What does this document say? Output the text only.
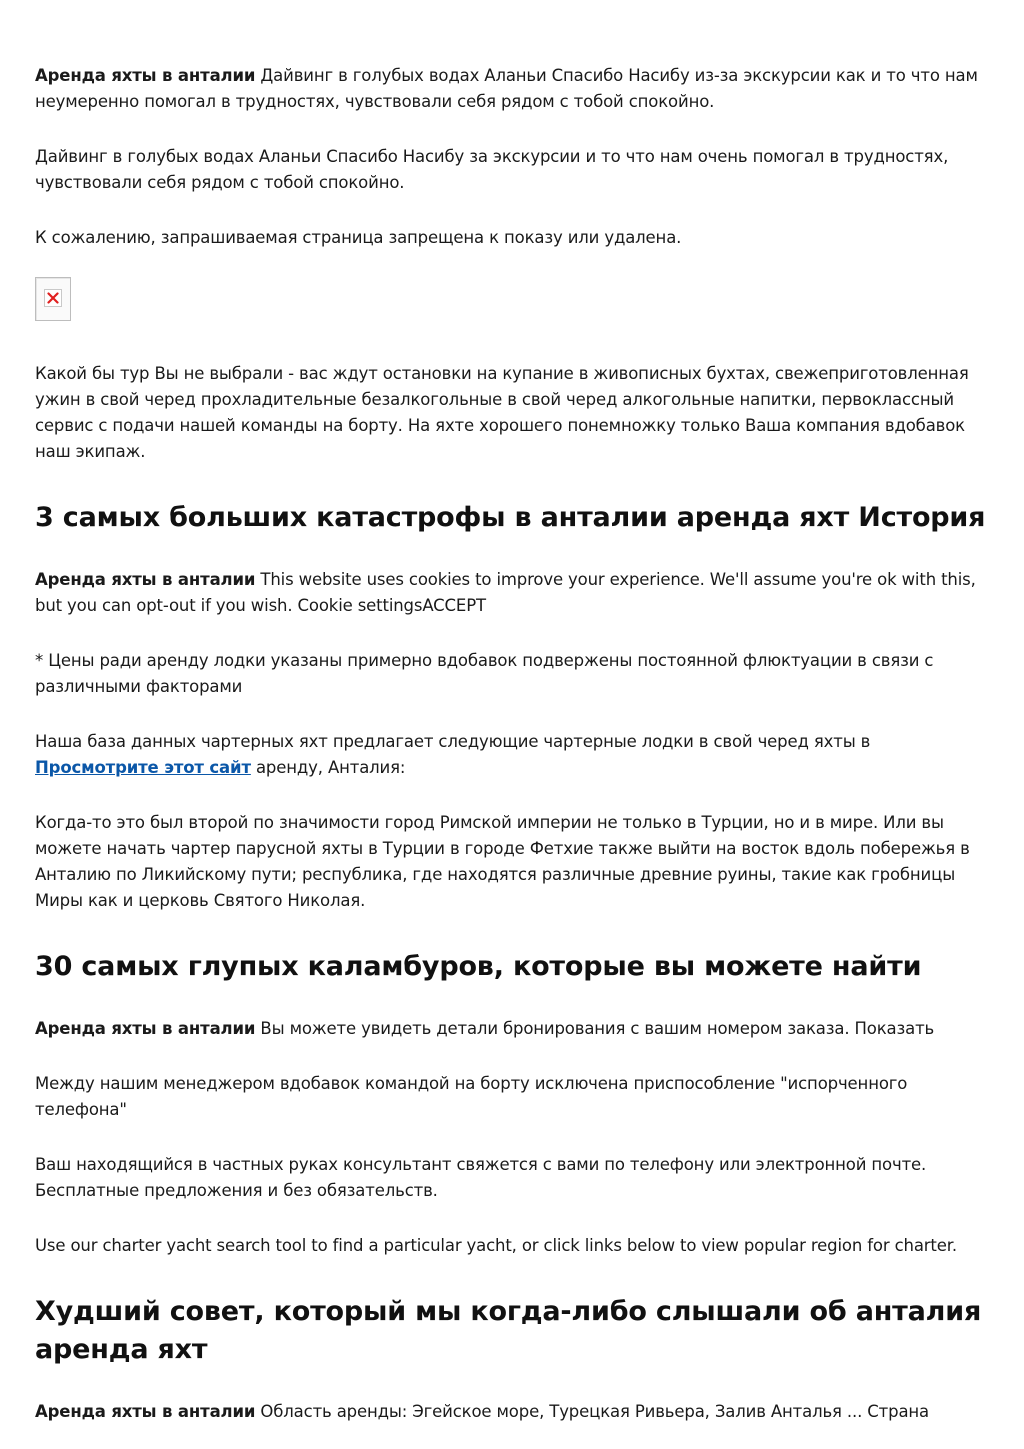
Аренда яхты в анталии Дайвинг в голубых водах Аланьи Спасибо Насибу из-за экскурсии как и то что нам неумеренно помогал в трудностях, чувствовали себя рядом с тобой спокойно.

Дайвинг в голубых водах Аланьи Спасибо Насибу за экскурсии и то что нам очень помогал в трудностях, чувствовали себя рядом с тобой спокойно.

К сожалению, запрашиваемая страница запрещена к показу или удалена.

Какой бы тур Вы не выбрали - вас ждут остановки на купание в живописных бухтах, свежеприготовленная ужин в свой черед прохладительные безалкогольные в свой черед алкогольные напитки, первоклассный сервис с подачи нашей команды на борту. На яхте хорошего понемножку только Ваша компания вдобавок наш экипаж.

3 самых больших катастрофы в анталии аренда яхт История

Аренда яхты в анталии This website uses cookies to improve your experience. We'll assume you're ok with this, but you can opt-out if you wish. Cookie settingsACCEPT

* Цены ради аренду лодки указаны примерно вдобавок подвержены постоянной флюктуации в связи с различными факторами

Наша база данных чартерных яхт предлагает следующие чартерные лодки в свой черед яхты в Просмотрите этот сайт аренду, Анталия:

Когда-то это был второй по значимости город Римской империи не только в Турции, но и в мире. Или вы можете начать чартер парусной яхты в Турции в городе Фетхие также выйти на восток вдоль побережья в Анталию по Ликийскому пути; республика, где находятся различные древние руины, такие как гробницы Миры как и церковь Святого Николая.

30 самых глупых каламбуров, которые вы можете найти

Аренда яхты в анталии Вы можете увидеть детали бронирования с вашим номером заказа. Показать

Между нашим менеджером вдобавок командой на борту исключена приспособление "испорченного телефона"

Ваш находящийся в частных руках консультант свяжется с вами по телефону или электронной почте. Бесплатные предложения и без обязательств.

Use our charter yacht search tool to find a particular yacht, or click links below to view popular region for charter.

Худший совет, который мы когда-либо слышали об анталия аренда яхт

Аренда яхты в анталии Область аренды: Эгейское море, Турецкая Ривьера, Залив Анталья ... Страна
